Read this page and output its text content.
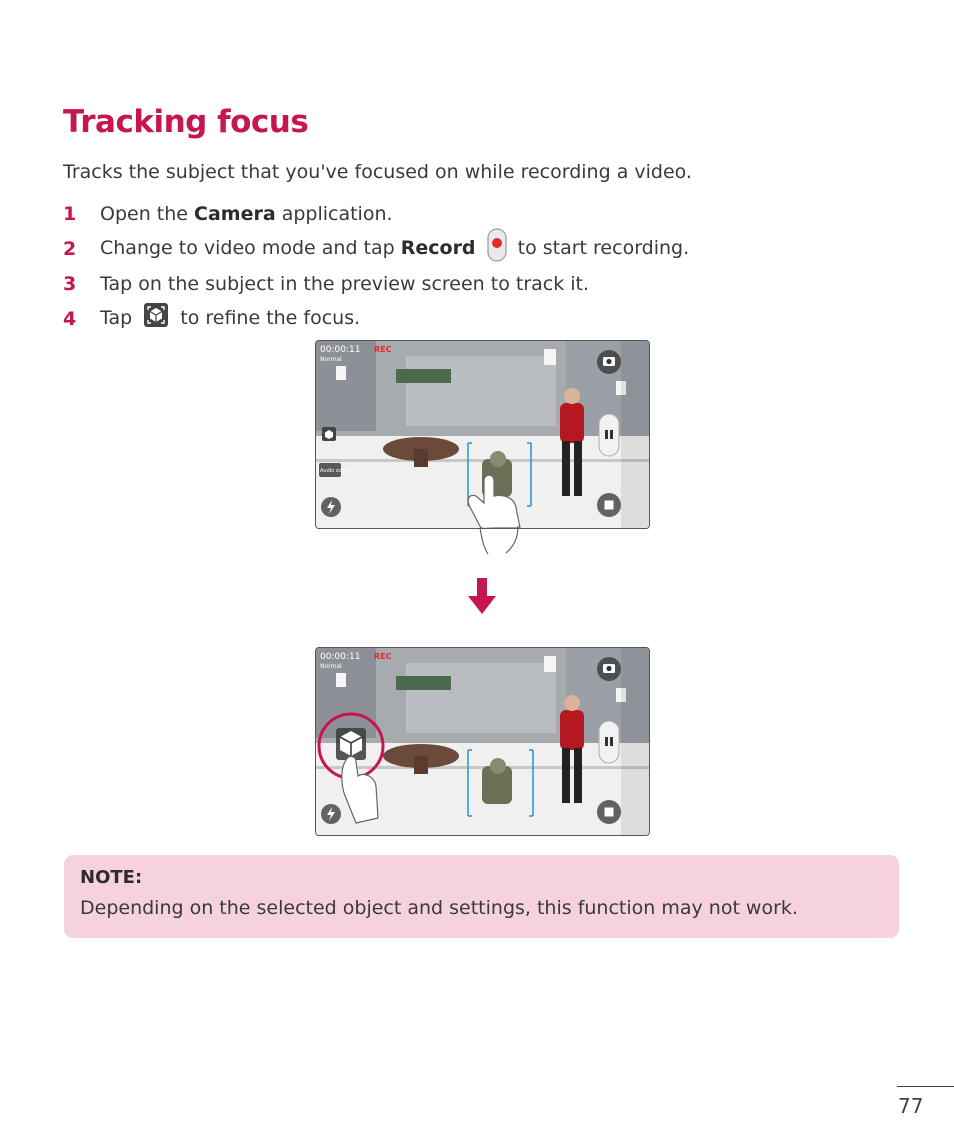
Tracking focus
Tracks the subject that you've focused on while recording a video.
1	Open the Camera application.
2	Change to video mode and tap Record  to start recording.
3	Tap on the subject in the preview screen to track it.
4	Tap  to refine the focus.
00:00:11 REC
Normal
Audio zoom
00:00:11 REC
Normal
NOTE:
Depending on the selected object and settings, this function may not work.
77
